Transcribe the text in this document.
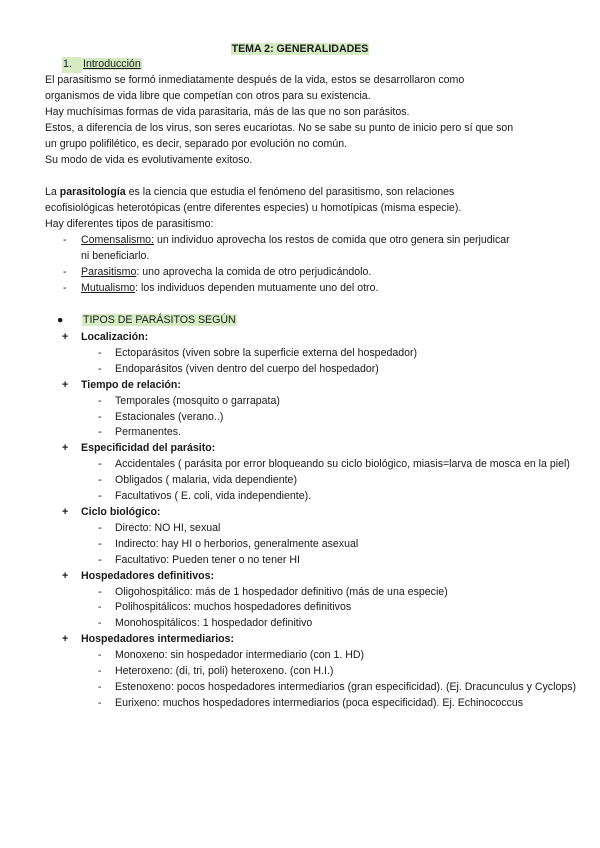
TEMA 2: GENERALIDADES
1. Introducción
El parasitismo se formó inmediatamente después de la vida, estos se desarrollaron como
organismos de vida libre que competían con otros para su existencia.
Hay muchísimas formas de vida parasitaria, más de las que no son parásitos.
Estos, a diferencia de los virus, son seres eucariotas. No se sabe su punto de inicio pero sí que son
un grupo polifilético, es decir, separado por evolución no común.
Su modo de vida es evolutivamente exitoso.
La parasitología es la ciencia que estudia el fenómeno del parasitismo, son relaciones
ecofisiológicas heterotópicas (entre diferentes especies) u homotípicas (misma especie).
Hay diferentes tipos de parasitismo:
- Comensalismo: un individuo aprovecha los restos de comida que otro genera sin perjudicar
ni beneficiarlo.
- Parasitismo: uno aprovecha la comida de otro perjudicándolo.
- Mutualismo: los individuos dependen mutuamente uno del otro.
● TIPOS DE PARÁSITOS SEGÚN
+ Localización:
- Ectoparásitos (viven sobre la superficie externa del hospedador)
- Endoparásitos (viven dentro del cuerpo del hospedador)
+ Tiempo de relación:
- Temporales (mosquito o garrapata)
- Estacionales (verano..)
- Permanentes.
+ Especificidad del parásito:
- Accidentales ( parásita por error bloqueando su ciclo biológico, miasis=larva de mosca en la piel)
- Obligados ( malaria, vida dependiente)
- Facultativos ( E. coli, vida independiente).
+ Ciclo biológico:
- Directo: NO HI, sexual
- Indirecto: hay HI o herborios, generalmente asexual
- Facultativo: Pueden tener o no tener HI
+ Hospedadores definitivos:
- Oligohospitálico: más de 1 hospedador definitivo (más de una especie)
- Polihospitálicos: muchos hospedadores definitivos
- Monohospitálicos: 1 hospedador definitivo
+ Hospedadores intermediarios:
- Monoxeno: sin hospedador intermediario (con 1. HD)
- Heteroxeno: (di, tri, poli) heteroxeno. (con H.I.)
- Estenoxeno: pocos hospedadores intermediarios (gran especificidad). (Ej. Dracunculus y Cyclops)
- Eurixeno: muchos hospedadores intermediarios (poca especificidad). Ej. Echinococcus
